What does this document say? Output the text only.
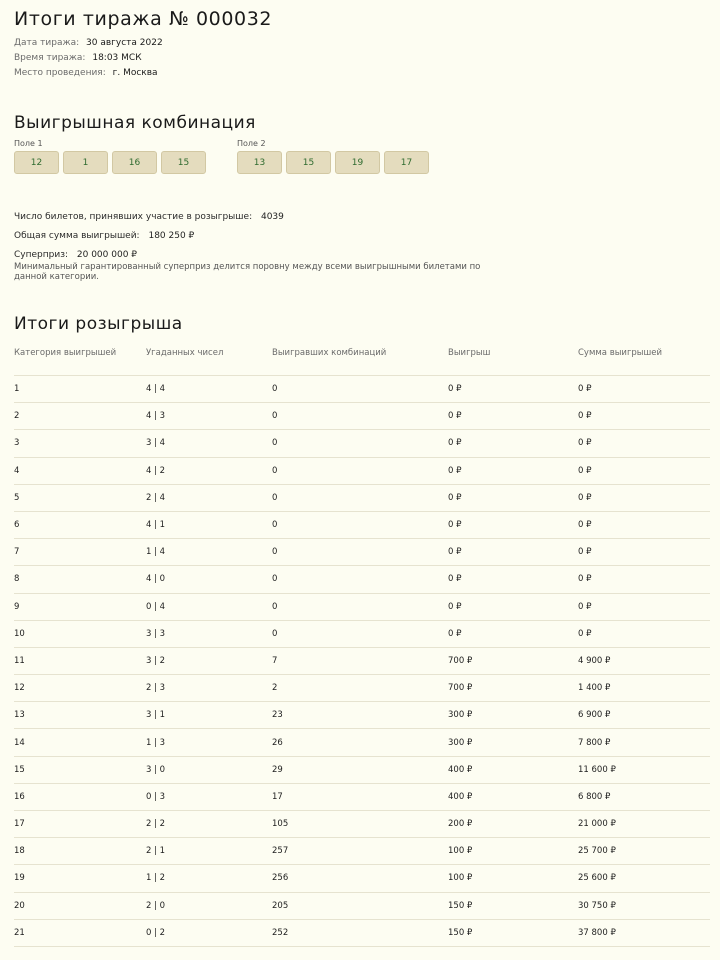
Итоги тиража № 000032
Дата тиража: 30 августа 2022
Время тиража: 18:03 МСК
Место проведения: г. Москва
Выигрышная комбинация
Поле 1
12	1	16	15
Поле 2
13	15	19	17
Число билетов, принявших участие в розыгрыше: 4039
Общая сумма выигрышей: 180 250 ₽
Суперприз: 20 000 000 ₽
Минимальный гарантированный суперприз делится поровну между всеми выигрышными билетами по данной категории.
Итоги розыгрыша
Категория выигрышей	Угаданных чисел	Выигравших комбинаций	Выигрыш	Сумма выигрышей
1	4 | 4	0	0 ₽	0 ₽
2	4 | 3	0	0 ₽	0 ₽
3	3 | 4	0	0 ₽	0 ₽
4	4 | 2	0	0 ₽	0 ₽
5	2 | 4	0	0 ₽	0 ₽
6	4 | 1	0	0 ₽	0 ₽
7	1 | 4	0	0 ₽	0 ₽
8	4 | 0	0	0 ₽	0 ₽
9	0 | 4	0	0 ₽	0 ₽
10	3 | 3	0	0 ₽	0 ₽
11	3 | 2	7	700 ₽	4 900 ₽
12	2 | 3	2	700 ₽	1 400 ₽
13	3 | 1	23	300 ₽	6 900 ₽
14	1 | 3	26	300 ₽	7 800 ₽
15	3 | 0	29	400 ₽	11 600 ₽
16	0 | 3	17	400 ₽	6 800 ₽
17	2 | 2	105	200 ₽	21 000 ₽
18	2 | 1	257	100 ₽	25 700 ₽
19	1 | 2	256	100 ₽	25 600 ₽
20	2 | 0	205	150 ₽	30 750 ₽
21	0 | 2	252	150 ₽	37 800 ₽
